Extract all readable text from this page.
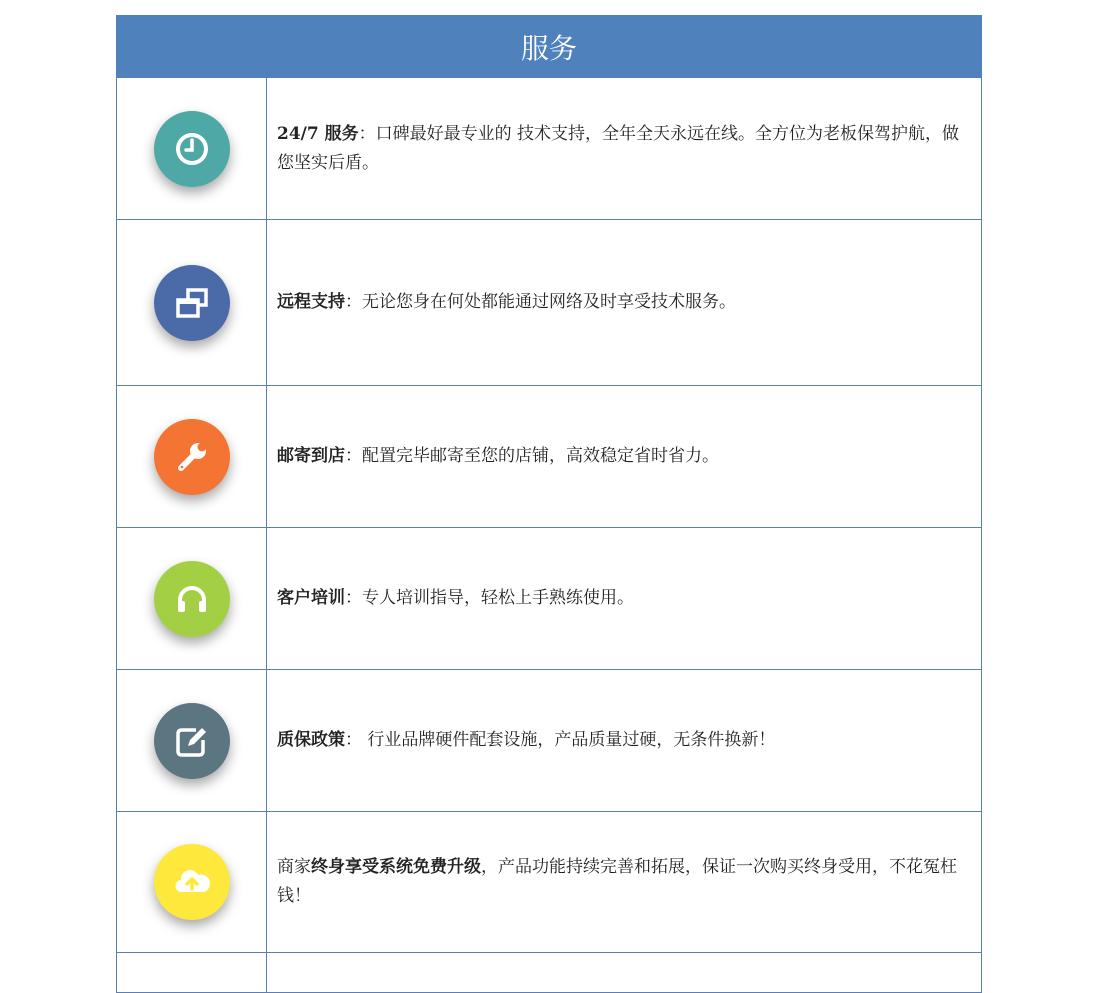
服务
24/7 服务：口碑最好最专业的 技术支持，全年全天永远在线。全方位为老板保驾护航，做您坚实后盾。
远程支持：无论您身在何处都能通过网络及时享受技术服务。
邮寄到店：配置完毕邮寄至您的店铺，高效稳定省时省力。
客户培训：专人培训指导，轻松上手熟练使用。
质保政策： 行业品牌硬件配套设施，产品质量过硬，无条件换新！
商家终身享受系统免费升级，产品功能持续完善和拓展，保证一次购买终身受用，不花冤枉钱！
